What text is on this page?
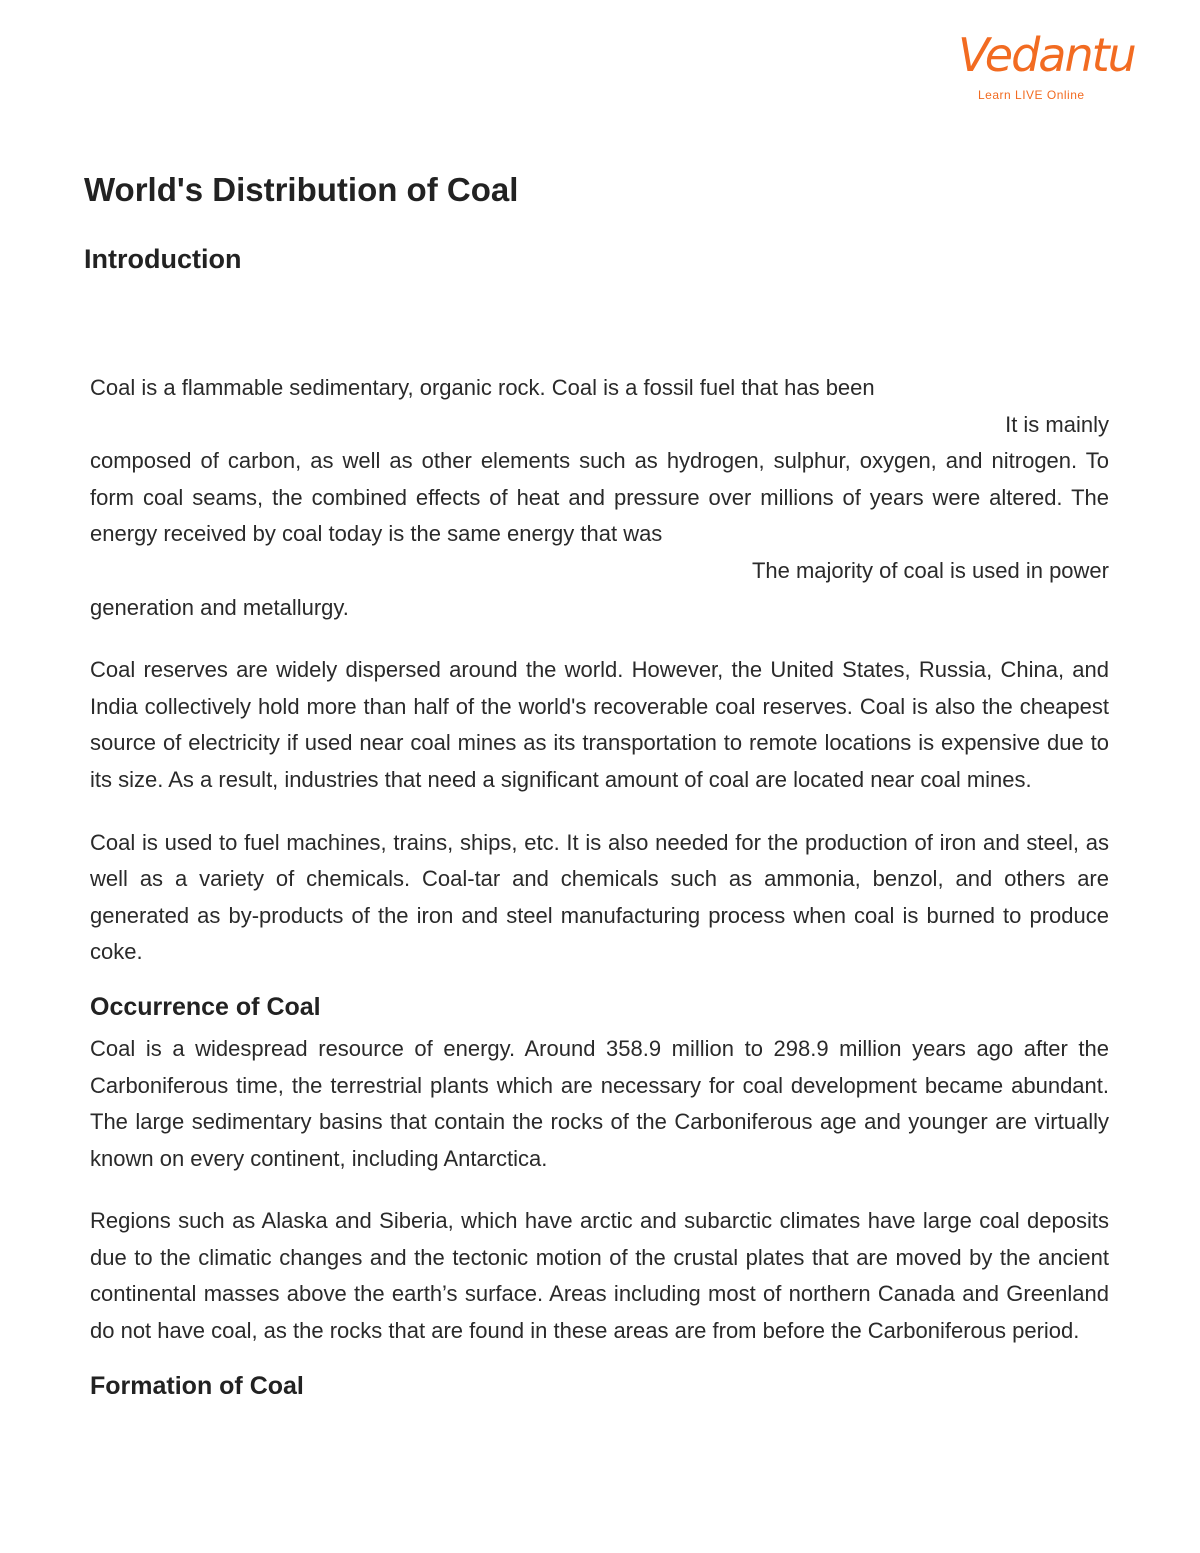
Vedantu
Learn LIVE Online
World's Distribution of Coal
Introduction

Coal is a flammable sedimentary, organic rock. Coal is a fossil fuel that has been
It is mainly
composed of carbon, as well as other elements such as hydrogen, sulphur, oxygen, and nitrogen. To form coal seams, the combined effects of heat and pressure over millions of years were altered. The energy received by coal today is the same energy that was
The majority of coal is used in power
generation and metallurgy.

Coal reserves are widely dispersed around the world. However, the United States, Russia, China, and India collectively hold more than half of the world's recoverable coal reserves. Coal is also the cheapest source of electricity if used near coal mines as its transportation to remote locations is expensive due to its size. As a result, industries that need a significant amount of coal are located near coal mines.

Coal is used to fuel machines, trains, ships, etc. It is also needed for the production of iron and steel, as well as a variety of chemicals. Coal-tar and chemicals such as ammonia, benzol, and others are generated as by-products of the iron and steel manufacturing process when coal is burned to produce coke.

Occurrence of Coal

Coal is a widespread resource of energy. Around 358.9 million to 298.9 million years ago after the Carboniferous time, the terrestrial plants which are necessary for coal development became abundant. The large sedimentary basins that contain the rocks of the Carboniferous age and younger are virtually known on every continent, including Antarctica.

Regions such as Alaska and Siberia, which have arctic and subarctic climates have large coal deposits due to the climatic changes and the tectonic motion of the crustal plates that are moved by the ancient continental masses above the earth’s surface. Areas including most of northern Canada and Greenland do not have coal, as the rocks that are found in these areas are from before the Carboniferous period.

Formation of Coal
